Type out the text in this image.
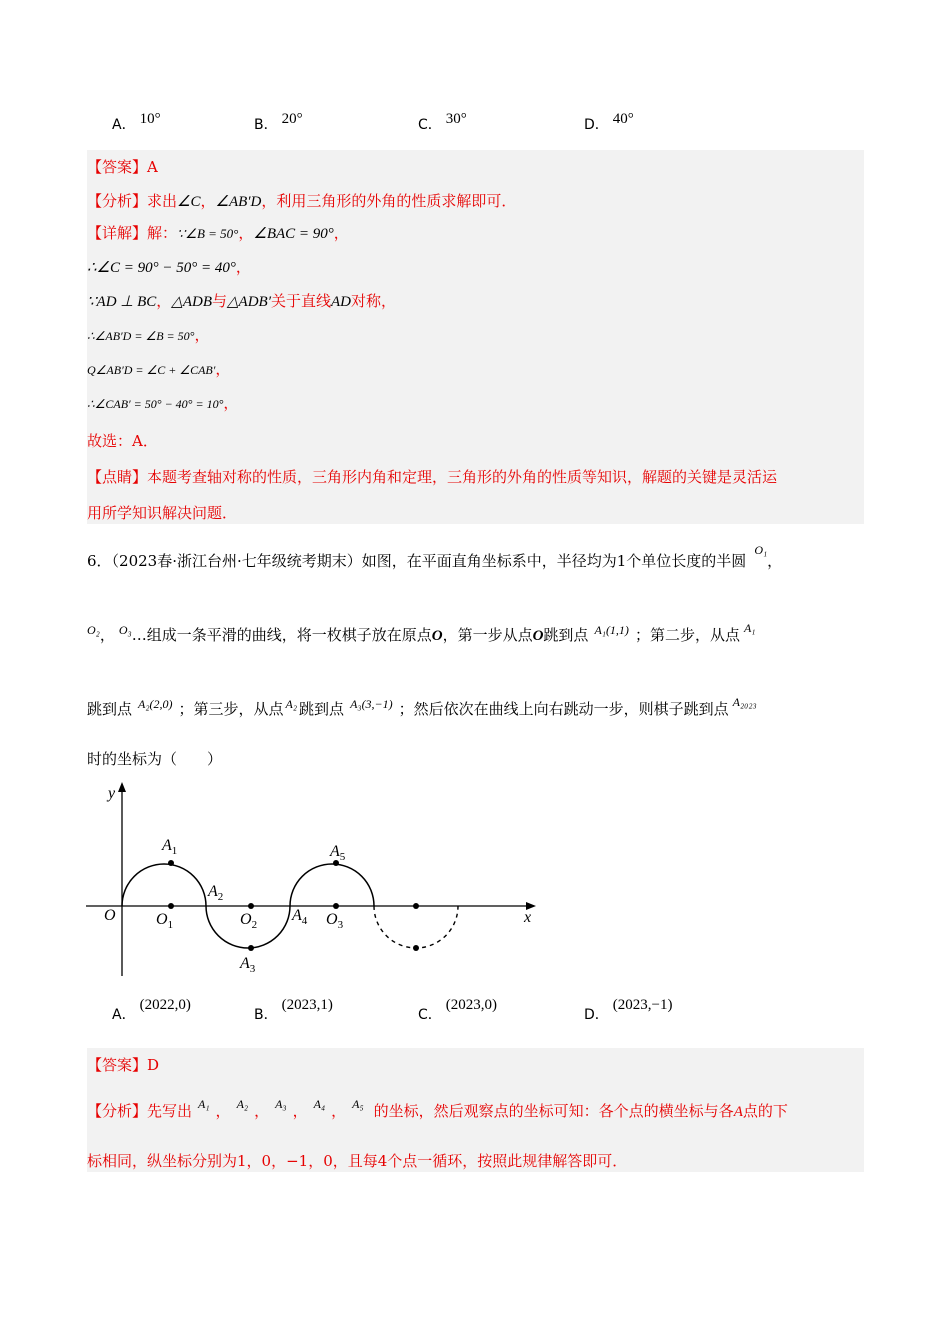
A． 10°	B． 20°	C． 30°	D． 40°
【答案】A
【分析】求出∠C，∠AB′D，利用三角形的外角的性质求解即可．
【详解】解：∵∠B = 50°，∠BAC = 90°，
∴∠C = 90° − 50° = 40°，
∵AD ⊥ BC，△ADB与△ADB′关于直线AD对称，
∴∠AB′D = ∠B = 50°，
Q∠AB′D = ∠C + ∠CAB′，
∴∠CAB′ = 50° − 40° = 10°，
故选：A．
【点睛】本题考查轴对称的性质，三角形内角和定理，三角形的外角的性质等知识，解题的关键是灵活运
用所学知识解决问题．
6．（2023春·浙江台州·七年级统考期末）如图，在平面直角坐标系中，半径均为1个单位长度的半圆$^{O_1}$，
$^{O_2}$， $^{O_3}$…组成一条平滑的曲线，将一枚棋子放在原点O，第一步从点O跳到点 $^{A_1(1,1)}$ ；第二步，从点 $^{A_1}$
跳到点 $^{A_2(2,0)}$ ；第三步，从点 $^{A_2}$ 跳到点 $^{A_3(3,-1)}$ ；然后依次在曲线上向右跳动一步，则棋子跳到点 $^{A_{2023}}$
时的坐标为（　　）
x
y
O
$A_1$
$A_2$
$A_3$
$A_4$
$A_5$
$O_1$	$O_2$	$O_3$
A．(2022,0)
B．(2023,1)
C．(2023,0)
D．(2023,−1)
【答案】D
【分析】先写出 $^{A_1}$ ， $^{A_2}$ ， $^{A_3}$ ， $^{A_4}$ ， $^{A_5}$ 的坐标，然后观察点的坐标可知：各个点的横坐标与各A点的下
标相同，纵坐标分别为1，0，−1，0，且每4个点一循环，按照此规律解答即可．
